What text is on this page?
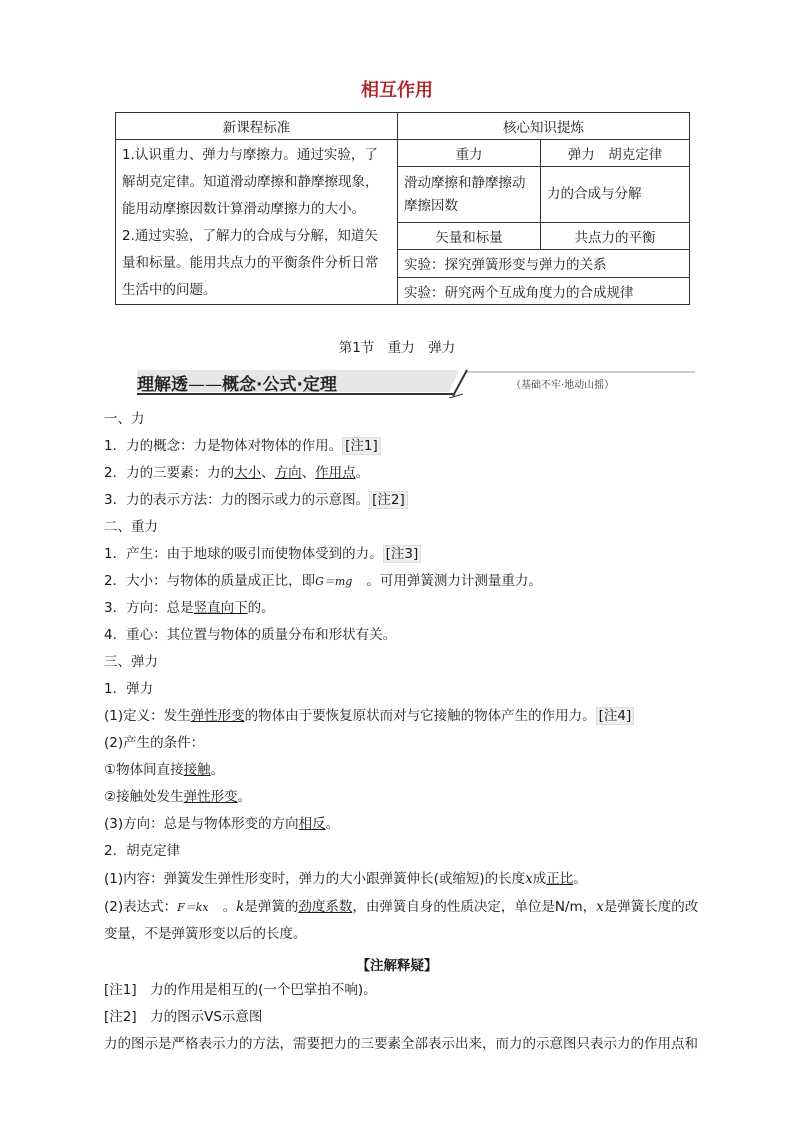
相互作用
新课程标准	核心知识提炼	

1.认识重力、弹力与摩擦力。通过实验，了解胡克定律。知道滑动摩擦和静摩擦现象，能用动摩擦因数计算滑动摩擦力的大小。
2.通过实验，了解力的合成与分解，知道矢量和标量。能用共点力的平衡条件分析日常生活中的问题。	重力	弹力　胡克定律
	滑动摩擦和静摩擦动摩擦因数	力的合成与分解
	矢量和标量	共点力的平衡
	实验：探究弹簧形变与弹力的关系	
	实验：研究两个互成角度力的合成规律	
第1节　重力　弹力
理解透——概念·公式·定理	（基础不牢·地动山摇）
一、力
1．力的概念：力是物体对物体的作用。 [注1]
2．力的三要素：力的大小、方向、作用点。
3．力的表示方法：力的图示或力的示意图。 [注2]
二、重力
1．产生：由于地球的吸引而使物体受到的力。 [注3]
2．大小：与物体的质量成正比，即G＝mg 。可用弹簧测力计测量重力。
3．方向：总是竖直向下的。
4．重心：其位置与物体的质量分布和形状有关。
三、弹力
1．弹力
(1)定义：发生弹性形变的物体由于要恢复原状而对与它接触的物体产生的作用力。 [注4]
(2)产生的条件：
①物体间直接接触。
②接触处发生弹性形变。
(3)方向：总是与物体形变的方向相反。
2．胡克定律
(1)内容：弹簧发生弹性形变时，弹力的大小跟弹簧伸长(或缩短)的长度x成正比。
(2)表达式：F＝kx 。k是弹簧的劲度系数，由弹簧自身的性质决定，单位是N/m，x是弹簧长度的改
变量，不是弹簧形变以后的长度。
【注解释疑】
[注1]　力的作用是相互的(一个巴掌拍不响)。
[注2]　力的图示VS示意图
力的图示是严格表示力的方法，需要把力的三要素全部表示出来，而力的示意图只表示力的作用点和
